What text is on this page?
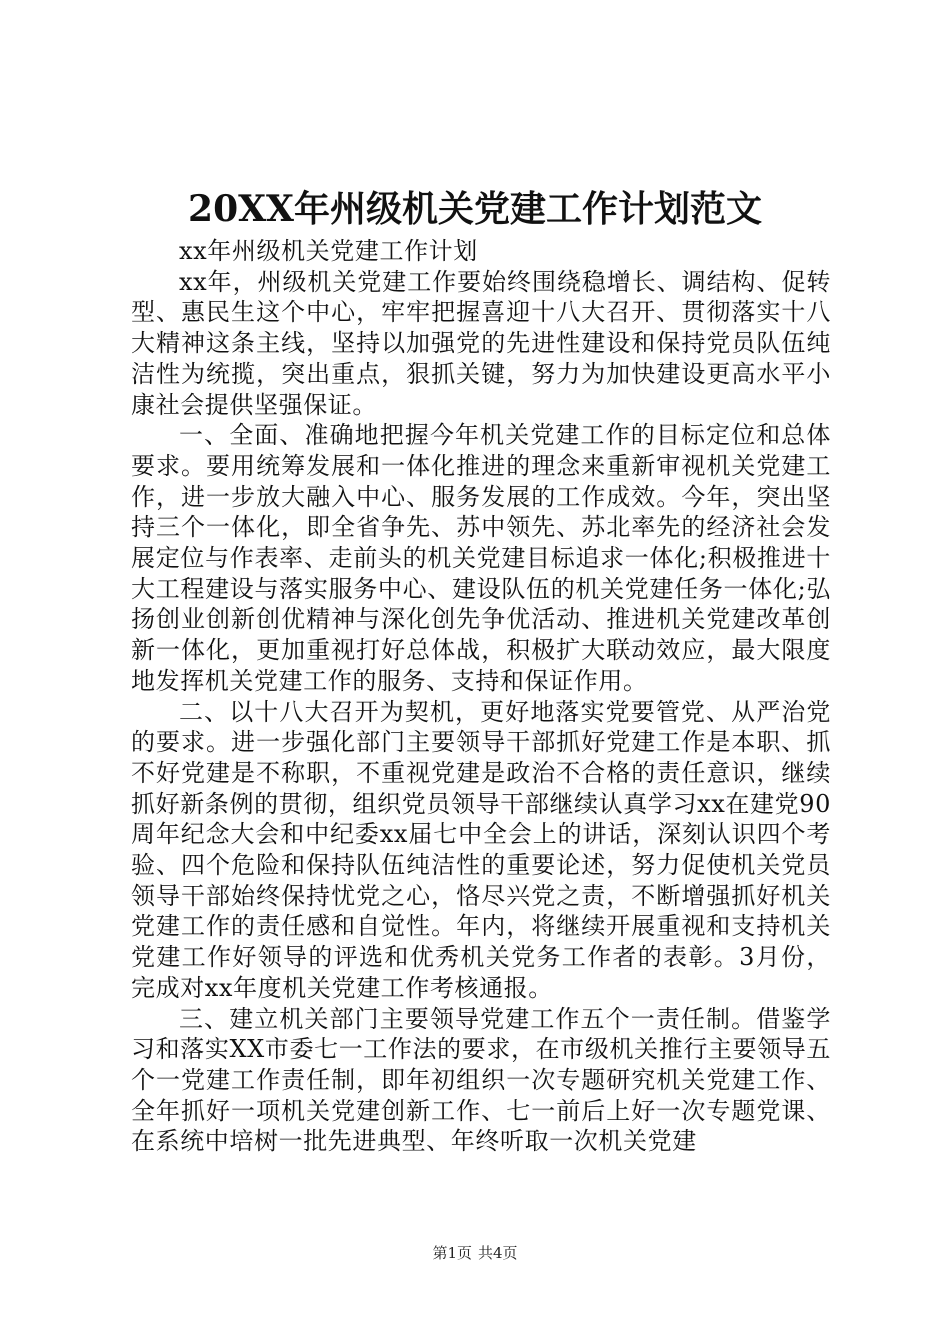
20XX年州级机关党建工作计划范文

xx年州级机关党建工作计划

xx年，州级机关党建工作要始终围绕稳增长、调结构、促转型、惠民生这个中心，牢牢把握喜迎十八大召开、贯彻落实十八大精神这条主线，坚持以加强党的先进性建设和保持党员队伍纯洁性为统揽，突出重点，狠抓关键，努力为加快建设更高水平小康社会提供坚强保证。

一、全面、准确地把握今年机关党建工作的目标定位和总体要求。要用统筹发展和一体化推进的理念来重新审视机关党建工作，进一步放大融入中心、服务发展的工作成效。今年，突出坚持三个一体化，即全省争先、苏中领先、苏北率先的经济社会发展定位与作表率、走前头的机关党建目标追求一体化;积极推进十大工程建设与落实服务中心、建设队伍的机关党建任务一体化;弘扬创业创新创优精神与深化创先争优活动、推进机关党建改革创新一体化，更加重视打好总体战，积极扩大联动效应，最大限度地发挥机关党建工作的服务、支持和保证作用。

二、以十八大召开为契机，更好地落实党要管党、从严治党的要求。进一步强化部门主要领导干部抓好党建工作是本职、抓不好党建是不称职，不重视党建是政治不合格的责任意识，继续抓好新条例的贯彻，组织党员领导干部继续认真学习xx在建党90周年纪念大会和中纪委xx届七中全会上的讲话，深刻认识四个考验、四个危险和保持队伍纯洁性的重要论述，努力促使机关党员领导干部始终保持忧党之心，恪尽兴党之责，不断增强抓好机关党建工作的责任感和自觉性。年内，将继续开展重视和支持机关党建工作好领导的评选和优秀机关党务工作者的表彰。3月份，完成对xx年度机关党建工作考核通报。

三、建立机关部门主要领导党建工作五个一责任制。借鉴学习和落实XX市委七一工作法的要求，在市级机关推行主要领导五个一党建工作责任制，即年初组织一次专题研究机关党建工作、全年抓好一项机关党建创新工作、七一前后上好一次专题党课、在系统中培树一批先进典型、年终听取一次机关党建

第1页 共4页
